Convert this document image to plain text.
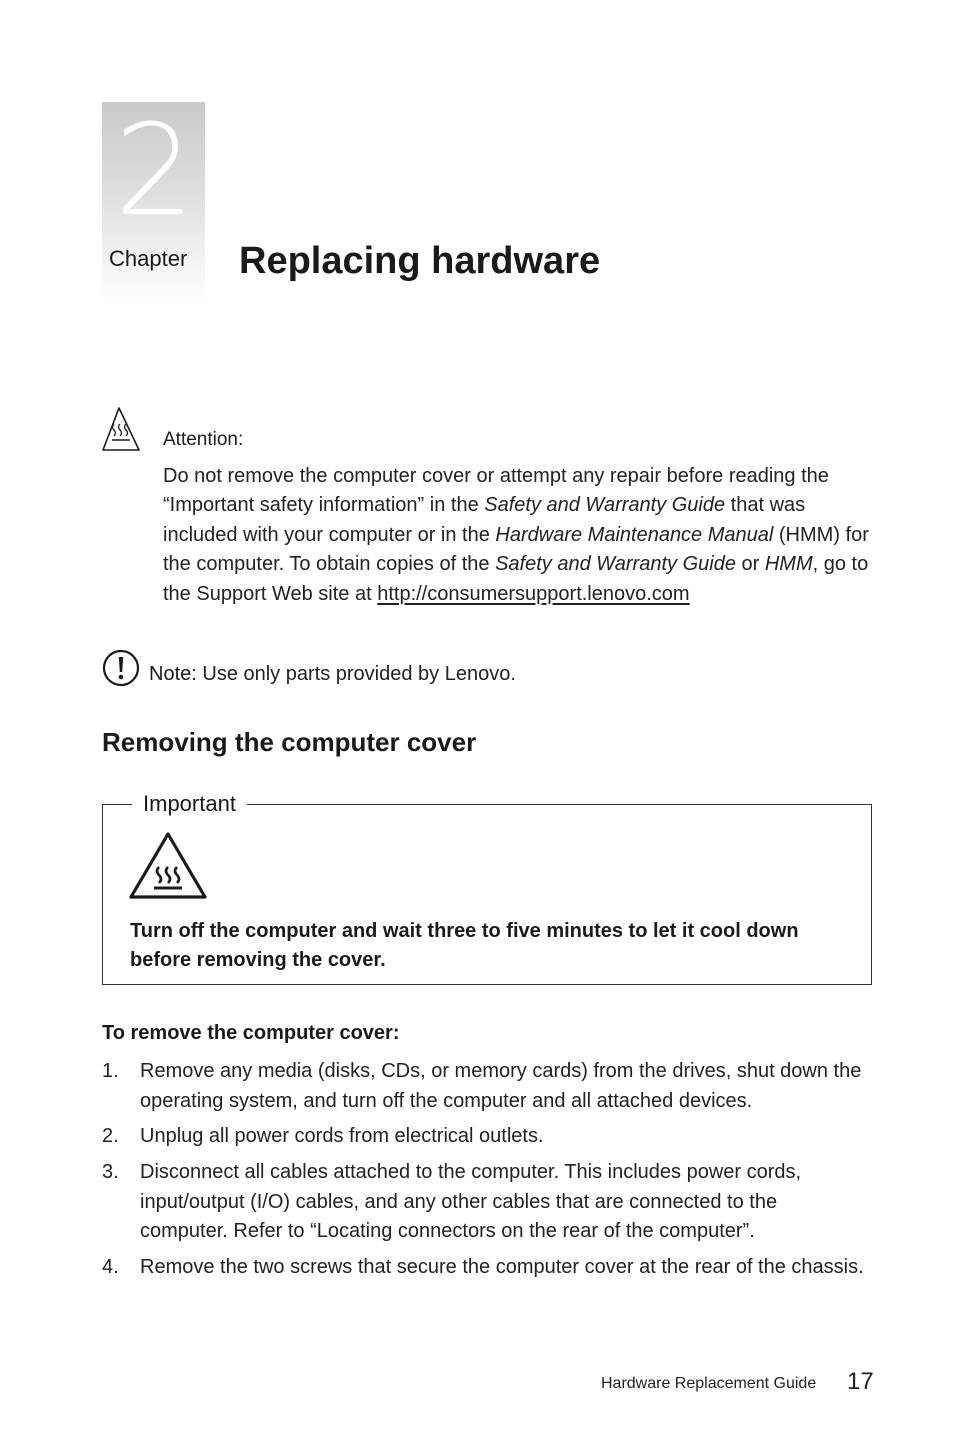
2
Chapter Replacing hardware
Attention:
Do not remove the computer cover or attempt any repair before reading the “Important safety information” in the Safety and Warranty Guide that was included with your computer or in the Hardware Maintenance Manual (HMM) for the computer. To obtain copies of the Safety and Warranty Guide or HMM, go to the Support Web site at http://consumersupport.lenovo.com
Note: Use only parts provided by Lenovo.
Removing the computer cover
Important
Turn off the computer and wait three to five minutes to let it cool down before removing the cover.
To remove the computer cover:
1.	Remove any media (disks, CDs, or memory cards) from the drives, shut down the operating system, and turn off the computer and all attached devices.
2.	Unplug all power cords from electrical outlets.
3.	Disconnect all cables attached to the computer. This includes power cords, input/output (I/O) cables, and any other cables that are connected to the computer. Refer to “Locating connectors on the rear of the computer”.
4.	Remove the two screws that secure the computer cover at the rear of the chassis.
Hardware Replacement Guide 17
